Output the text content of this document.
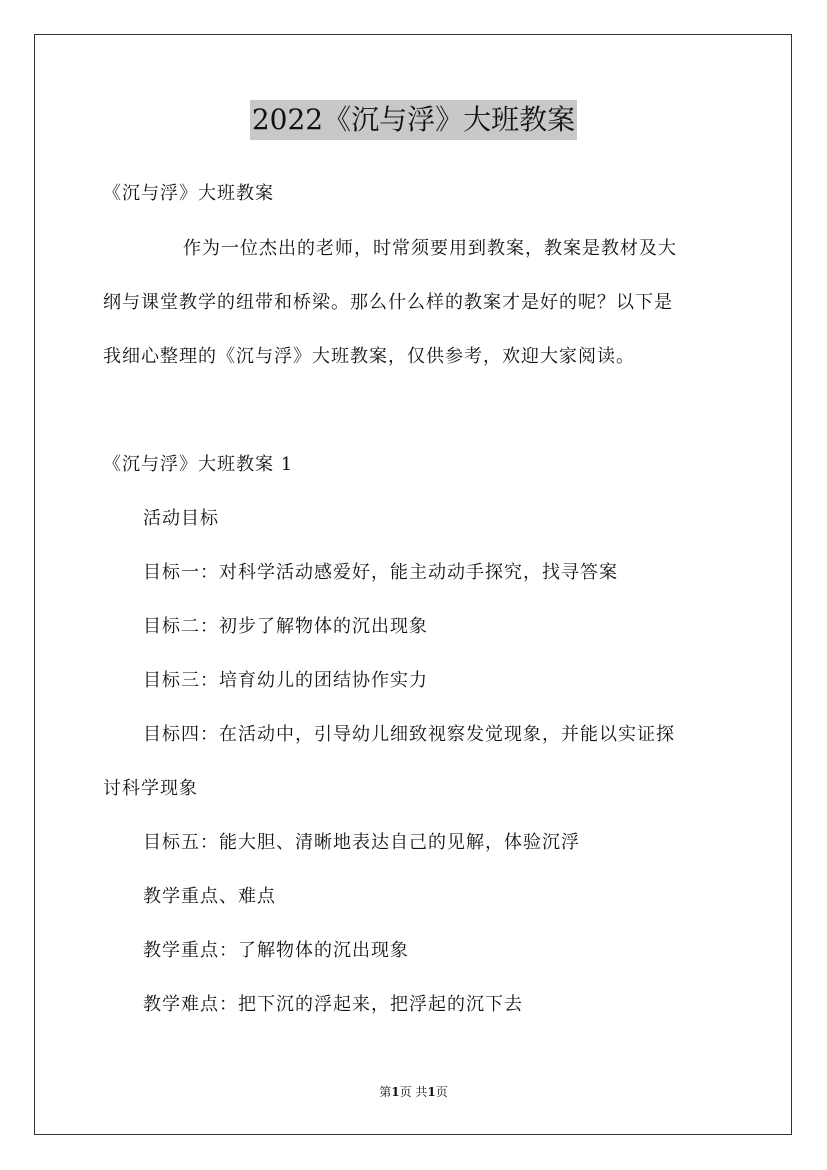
2022《沉与浮》大班教案
《沉与浮》大班教案
作为一位杰出的老师，时常须要用到教案，教案是教材及大
纲与课堂教学的纽带和桥梁。那么什么样的教案才是好的呢？以下是
我细心整理的《沉与浮》大班教案，仅供参考，欢迎大家阅读。
《沉与浮》大班教案 1
活动目标
目标一：对科学活动感爱好，能主动动手探究，找寻答案
目标二：初步了解物体的沉出现象
目标三：培育幼儿的团结协作实力
目标四：在活动中，引导幼儿细致视察发觉现象，并能以实证探
讨科学现象
目标五：能大胆、清晰地表达自己的见解，体验沉浮
教学重点、难点
教学重点：了解物体的沉出现象
教学难点：把下沉的浮起来，把浮起的沉下去
第1页 共1页
